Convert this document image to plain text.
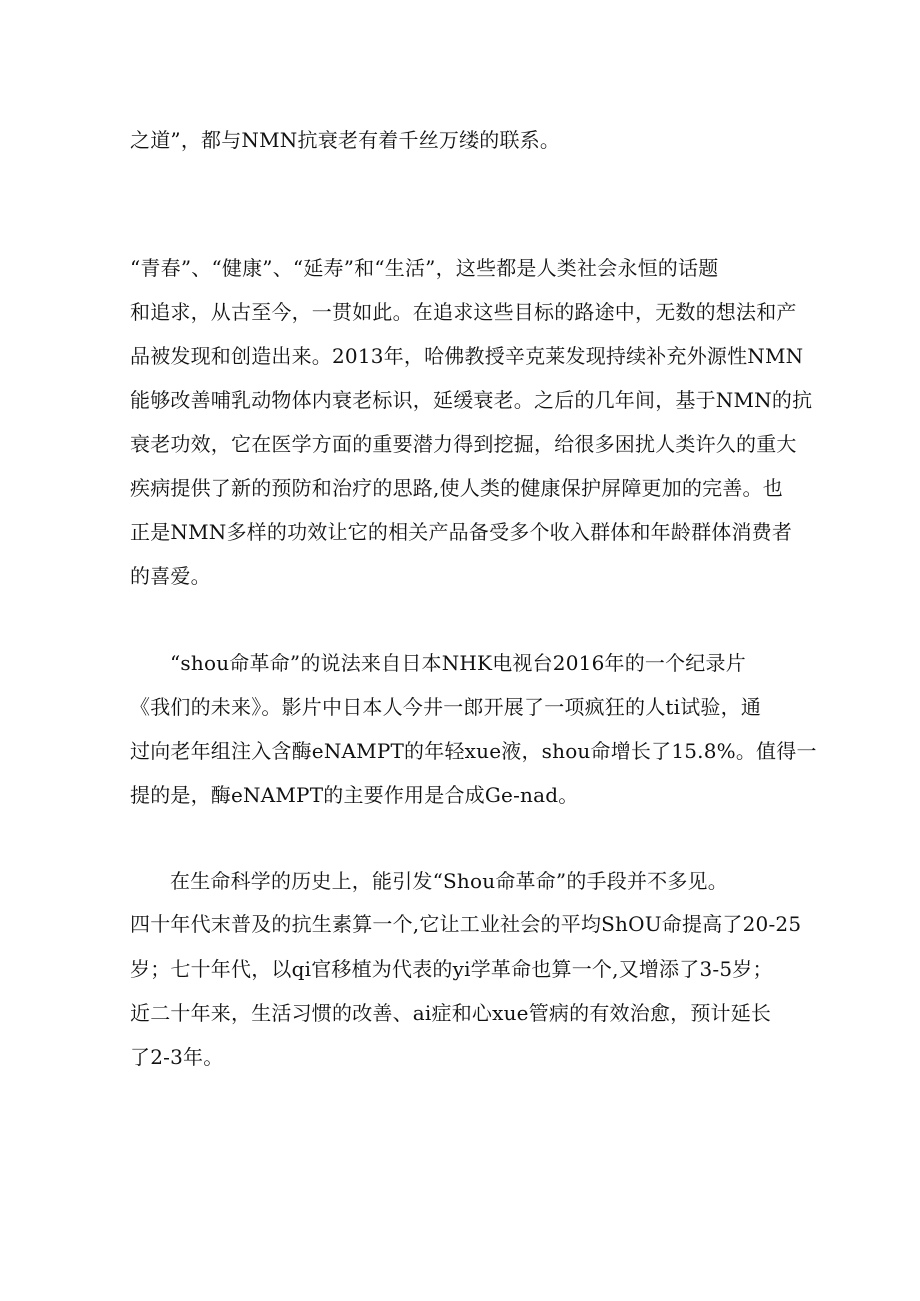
之道”，都与NMN抗衰老有着千丝万缕的联系。
“青春”、“健康”、“延寿”和“生活”，这些都是人类社会永恒的话题
和追求，从古至今，一贯如此。在追求这些目标的路途中，无数的想法和产
品被发现和创造出来。2013年，哈佛教授辛克莱发现持续补充外源性NMN
能够改善哺乳动物体内衰老标识，延缓衰老。之后的几年间，基于NMN的抗
衰老功效，它在医学方面的重要潜力得到挖掘，给很多困扰人类许久的重大
疾病提供了新的预防和治疗的思路,使人类的健康保护屏障更加的完善。也
正是NMN多样的功效让它的相关产品备受多个收入群体和年龄群体消费者
的喜爱。
“shou命革命”的说法来自日本NHK电视台2016年的一个纪录片
《我们的未来》。影片中日本人今井一郎开展了一项疯狂的人ti试验，通
过向老年组注入含酶eNAMPT的年轻xue液，shou命增长了15.8%。值得一
提的是，酶eNAMPT的主要作用是合成Ge-nad。
在生命科学的历史上，能引发“Shou命革命”的手段并不多见。
四十年代末普及的抗生素算一个,它让工业社会的平均ShOU命提高了20-25
岁；七十年代，以qi官移植为代表的yi学革命也算一个,又增添了3-5岁；
近二十年来，生活习惯的改善、ai症和心xue管病的有效治愈，预计延长
了2-3年。
